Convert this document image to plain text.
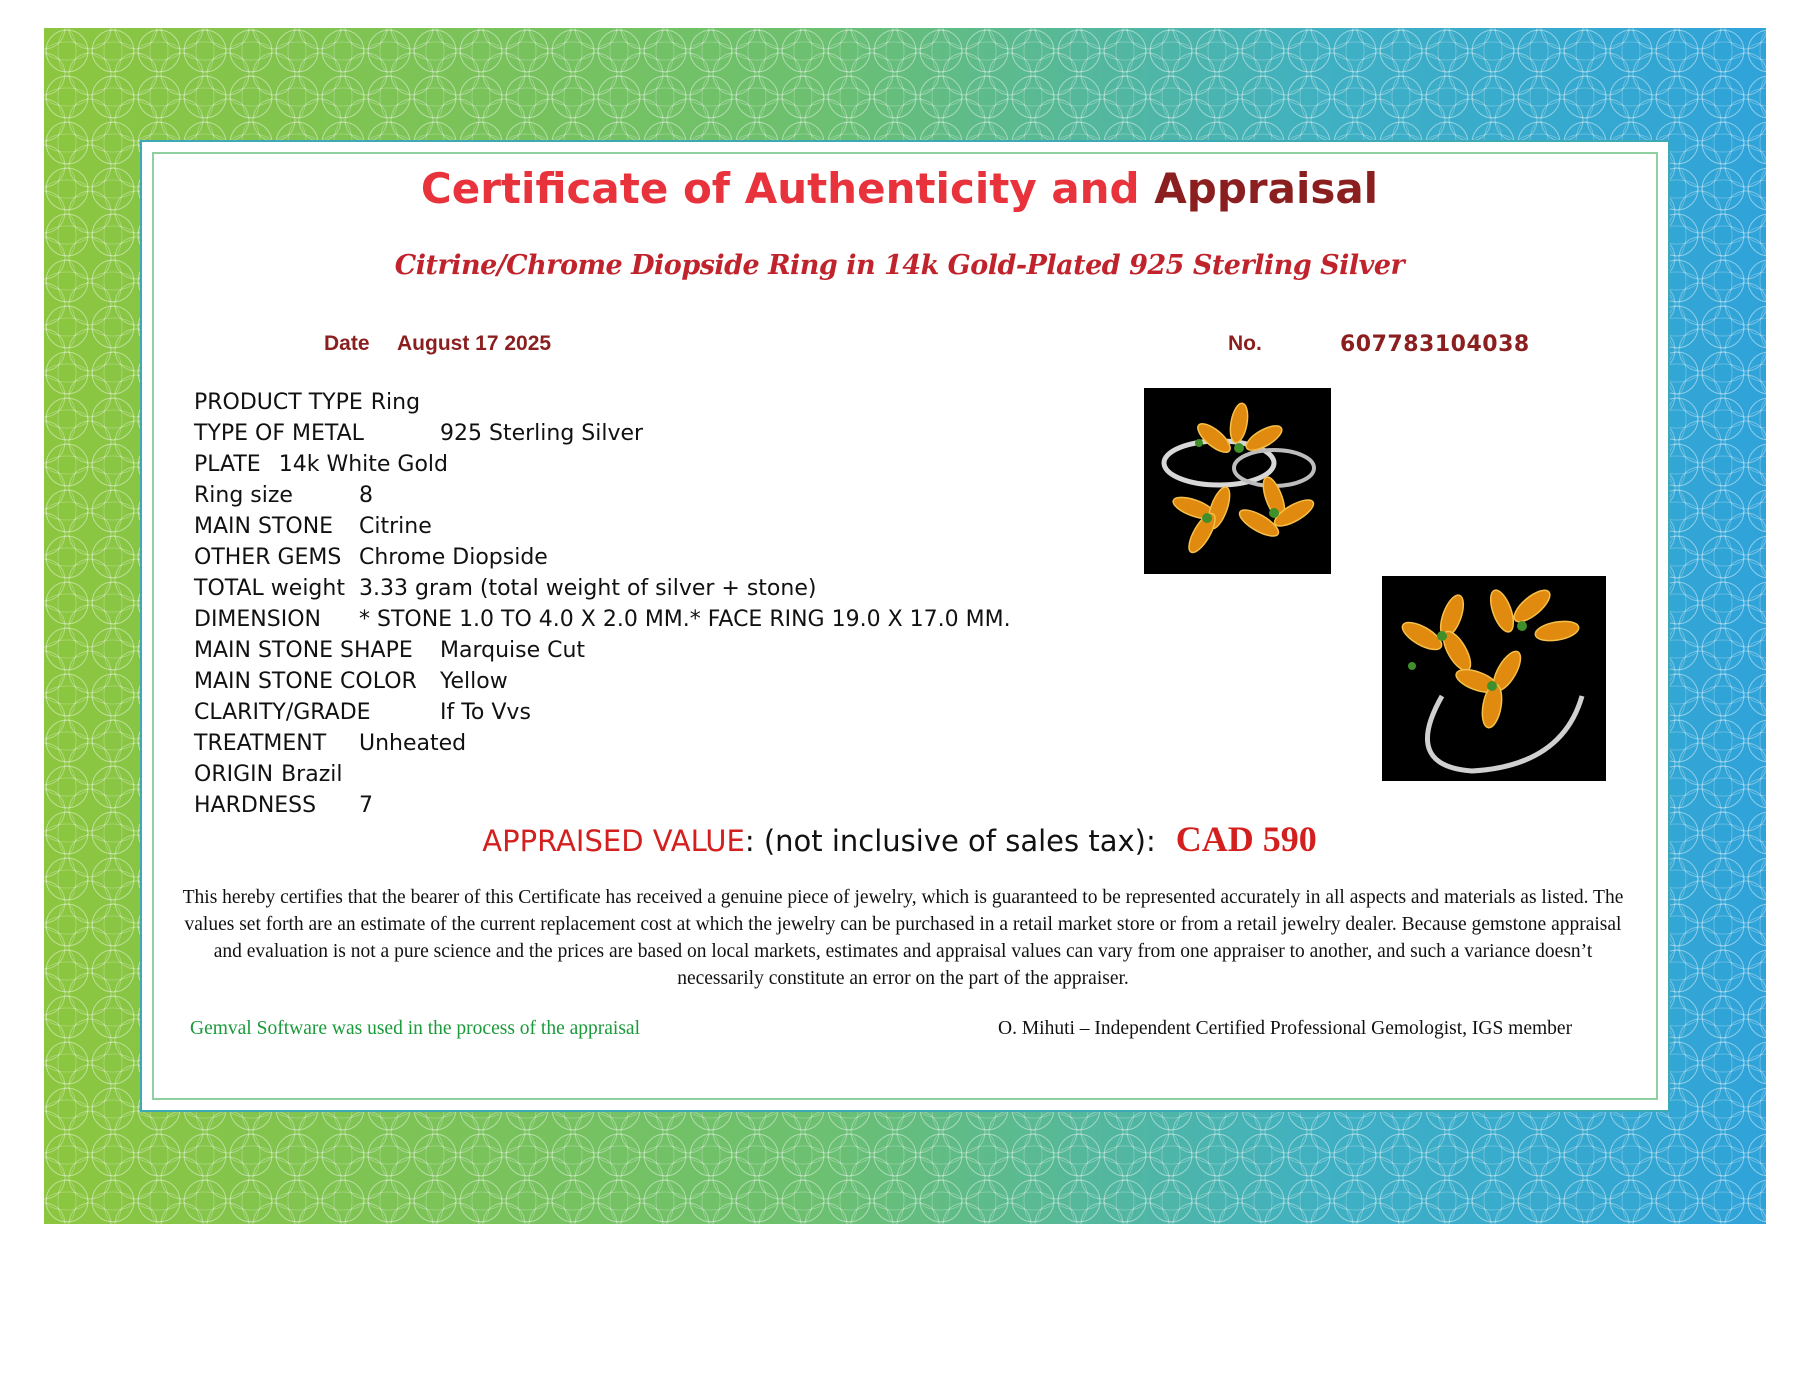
Certificate of Authenticity and Appraisal
Citrine/Chrome Diopside Ring in 14k Gold-Plated 925 Sterling Silver
Date August 17 2025	No.	607783104038
PRODUCT TYPE Ring
TYPE OF METAL	925 Sterling Silver
PLATE 14k White Gold
Ring size	8
MAIN STONE Citrine
OTHER GEMS Chrome Diopside
TOTAL weight 3.33 gram (total weight of silver + stone)
DIMENSION * STONE 1.0 TO 4.0 X 2.0 MM.* FACE RING 19.0 X 17.0 MM.
MAIN STONE SHAPE Marquise Cut
MAIN STONE COLOR Yellow
CLARITY/GRADE	If To Vvs
TREATMENT Unheated
ORIGIN Brazil
HARDNESS 7
APPRAISED VALUE: (not inclusive of sales tax): CAD 590
This hereby certifies that the bearer of this Certificate has received a genuine piece of jewelry, which is guaranteed to be represented accurately in all aspects and materials as listed. The values set forth are an estimate of the current replacement cost at which the jewelry can be purchased in a retail market store or from a retail jewelry dealer. Because gemstone appraisal and evaluation is not a pure science and the prices are based on local markets, estimates and appraisal values can vary from one appraiser to another, and such a variance doesn’t necessarily constitute an error on the part of the appraiser.
Gemval Software was used in the process of the appraisal	O. Mihuti – Independent Certified Professional Gemologist, IGS member
